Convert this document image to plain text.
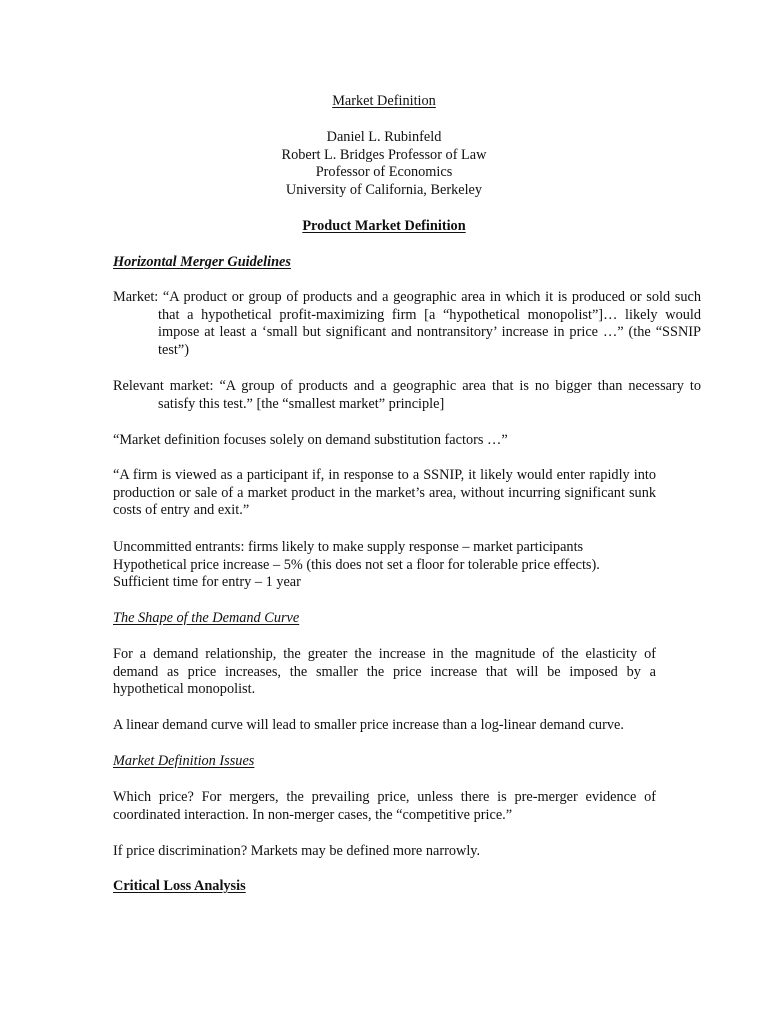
Market Definition
Daniel L. Rubinfeld
Robert L. Bridges Professor of Law
Professor of Economics
University of California, Berkeley
Product Market Definition
Horizontal Merger Guidelines

Market: “A product or group of products and a geographic area in which it is produced or sold such that a hypothetical profit-maximizing firm [a “hypothetical monopolist”]… likely would impose at least a ‘small but significant and nontransitory’ increase in price …” (the “SSNIP test”)

Relevant market: “A group of products and a geographic area that is no bigger than necessary to satisfy this test.” [the “smallest market” principle]

“Market definition focuses solely on demand substitution factors …”

“A firm is viewed as a participant if, in response to a SSNIP, it likely would enter rapidly into production or sale of a market product in the market’s area, without incurring significant sunk costs of entry and exit.”

Uncommitted entrants: firms likely to make supply response – market participants
Hypothetical price increase – 5% (this does not set a floor for tolerable price effects).
Sufficient time for entry – 1 year
The Shape of the Demand Curve

For a demand relationship, the greater the increase in the magnitude of the elasticity of demand as price increases, the smaller the price increase that will be imposed by a hypothetical monopolist.

A linear demand curve will lead to smaller price increase than a log-linear demand curve.

Market Definition Issues

Which price? For mergers, the prevailing price, unless there is pre-merger evidence of coordinated interaction. In non-merger cases, the “competitive price.”

If price discrimination? Markets may be defined more narrowly.

Critical Loss Analysis
